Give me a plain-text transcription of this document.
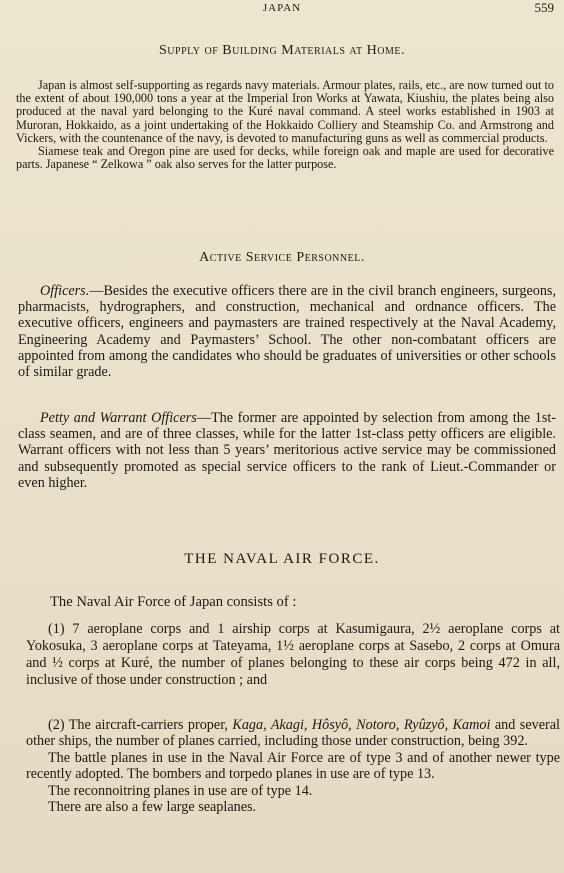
JAPAN	559
Supply of Building Materials at Home.

Japan is almost self-supporting as regards navy materials. Armour plates, rails, etc., are now turned out to the extent of about 190,000 tons a year at the Imperial Iron Works at Yawata, Kiushiu, the plates being also produced at the naval yard belonging to the Kuré naval command. A steel works established in 1903 at Muroran, Hokkaido, as a joint undertaking of the Hokkaido Colliery and Steamship Co. and Armstrong and Vickers, with the countenance of the navy, is devoted to manufacturing guns as well as commercial products.

Siamese teak and Oregon pine are used for decks, while foreign oak and maple are used for decorative parts. Japanese “ Zelkowa ” oak also serves for the latter purpose.

Active Service Personnel.

Officers.—Besides the executive officers there are in the civil branch engineers, surgeons, pharmacists, hydrographers, and construction, mechanical and ordnance officers. The executive officers, engineers and paymasters are trained respectively at the Naval Academy, Engineering Academy and Paymasters’ School. The other non-combatant officers are appointed from among the candidates who should be graduates of universities or other schools of similar grade.

Petty and Warrant Officers—The former are appointed by selection from among the 1st-class seamen, and are of three classes, while for the latter 1st-class petty officers are eligible. Warrant officers with not less than 5 years’ meritorious active service may be commissioned and subsequently promoted as special service officers to the rank of Lieut.-Commander or even higher.

THE NAVAL AIR FORCE.

The Naval Air Force of Japan consists of :

(1) 7 aeroplane corps and 1 airship corps at Kasumigaura, 2½ aeroplane corps at Yokosuka, 3 aeroplane corps at Tateyama, 1½ aeroplane corps at Sasebo, 2 corps at Omura and ½ corps at Kuré, the number of planes belonging to these air corps being 472 in all, inclusive of those under construction ; and

(2) The aircraft-carriers proper, Kaga, Akagi, Hôsyô, Notoro, Ryûzyô, Kamoi and several other ships, the number of planes carried, including those under construction, being 392.

The battle planes in use in the Naval Air Force are of type 3 and of another newer type recently adopted. The bombers and torpedo planes in use are of type 13.

The reconnoitring planes in use are of type 14.

There are also a few large seaplanes.
